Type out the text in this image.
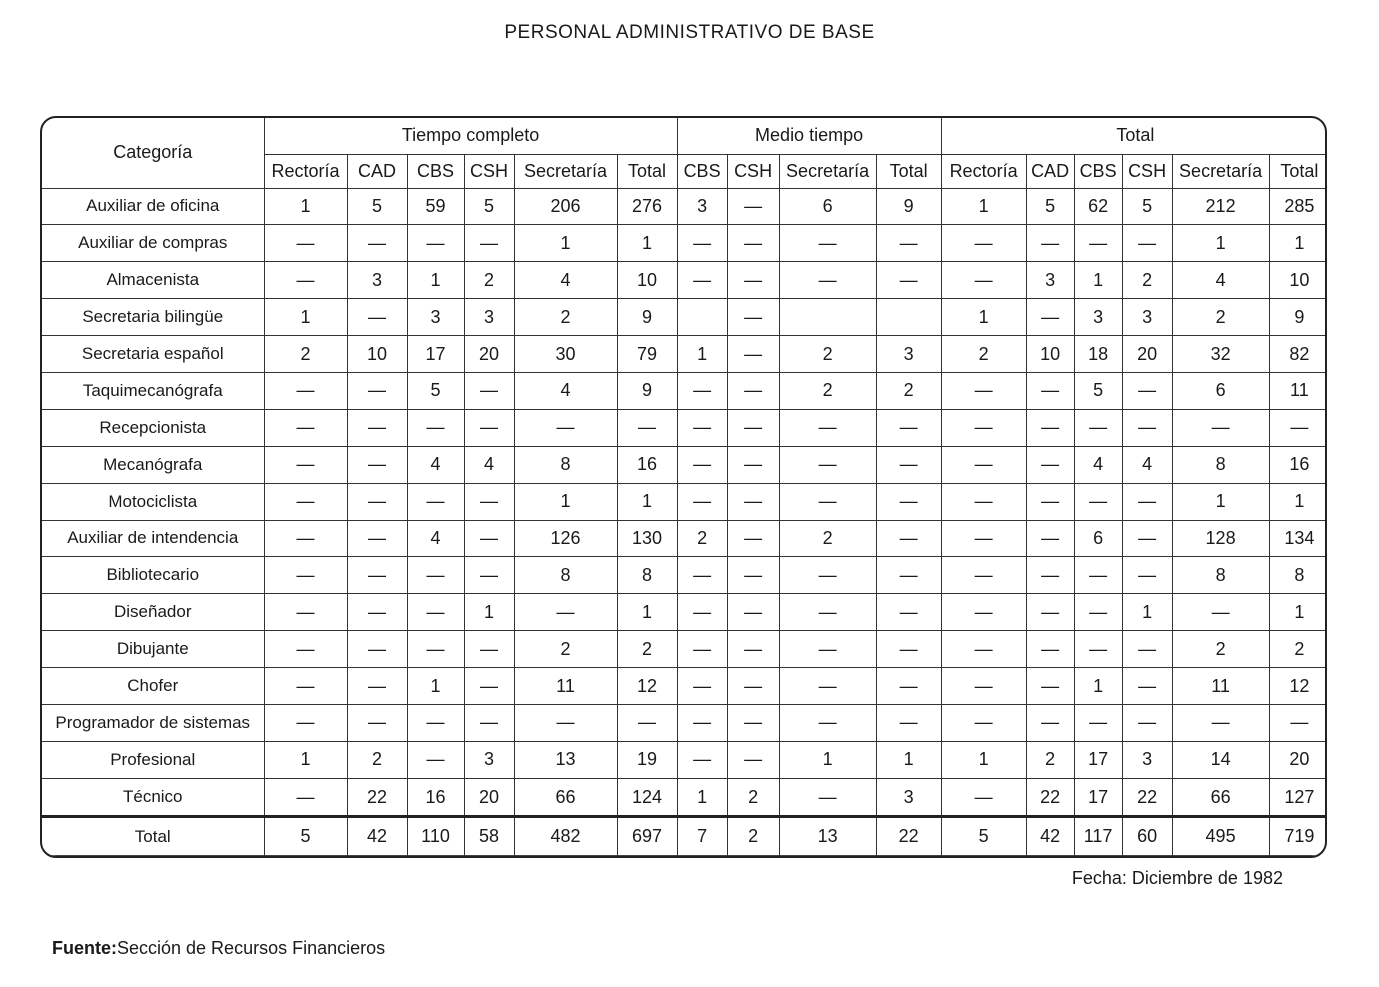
PERSONAL ADMINISTRATIVO DE BASE
Categoría	Tiempo completo						Medio tiempo				Total					
	Rectoría	CAD	CBS	CSH	Secretaría	Total	CBS	CSH	Secretaría	Total	Rectoría	CAD	CBS	CSH	Secretaría	Total
Auxiliar de oficina	1	5	59	5	206	276	3	—	6	9	1	5	62	5	212	285
Auxiliar de compras	—	—	—	—	1	1	—	—	—	—	—	—	—	—	1	1
Almacenista	—	3	1	2	4	10	—	—	—	—	—	3	1	2	4	10
Secretaria bilingüe	1	—	3	3	2	9		—			1	—	3	3	2	9
Secretaria español	2	10	17	20	30	79	1	—	2	3	2	10	18	20	32	82
Taquimecanógrafa	—	—	5	—	4	9	—	—	2	2	—	—	5	—	6	11
Recepcionista	—	—	—	—	—	—	—	—	—	—	—	—	—	—	—	—
Mecanógrafa	—	—	4	4	8	16	—	—	—	—	—	—	4	4	8	16
Motociclista	—	—	—	—	1	1	—	—	—	—	—	—	—	—	1	1
Auxiliar de intendencia	—	—	4	—	126	130	2	—	2	—	—	—	6	—	128	134
Bibliotecario	—	—	—	—	8	8	—	—	—	—	—	—	—	—	8	8
Diseñador	—	—	—	1	—	1	—	—	—	—	—	—	—	1	—	1
Dibujante	—	—	—	—	2	2	—	—	—	—	—	—	—	—	2	2
Chofer	—	—	1	—	11	12	—	—	—	—	—	—	1	—	11	12
Programador de sistemas	—	—	—	—	—	—	—	—	—	—	—	—	—	—	—	—
Profesional	1	2	—	3	13	19	—	—	1	1	1	2	17	3	14	20
Técnico	—	22	16	20	66	124	1	2	—	3	—	22	17	22	66	127
Total	5	42	110	58	482	697	7	2	13	22	5	42	117	60	495	719
Fecha: Diciembre de 1982
Fuente:Sección de Recursos Financieros
